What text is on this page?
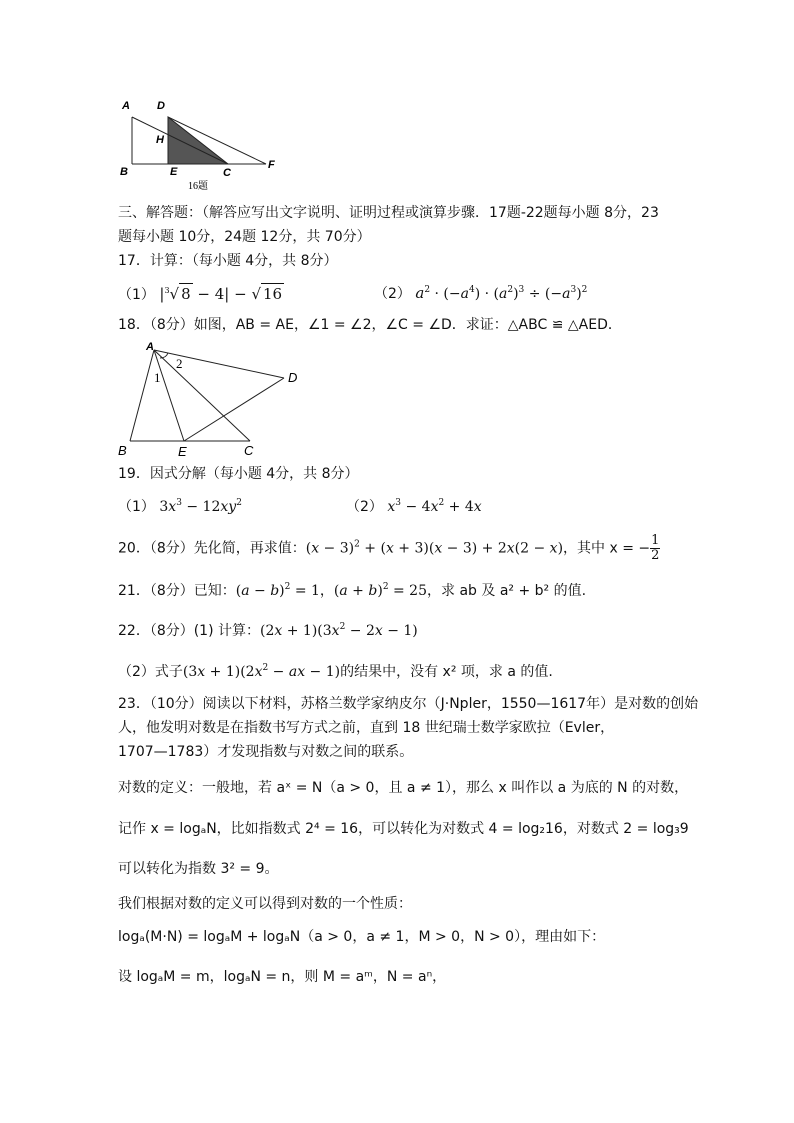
A D
H
B	E	C
F
16题
三、解答题：（解答应写出文字说明、证明过程或演算步骤．17题-22题每小题 8分，23
题每小题 10分，24题 12分，共 70分）
17．计算：（每小题 4分，共 8分）
（1） $|^3√$ 8 − 4| − √ 16	（2） $a^2 \cdot (-a^4) \cdot (a^2)^3 \div (-a^3)^2$
18．（8分）如图，AB = AE，∠1 = ∠2，∠C = ∠D．求证：△ABC ≌ △AED．
A
1
2
D
B	E	C
19．因式分解（每小题 4分，共 8分）
（1） $3x^3 - 12xy^2$	（2） $x^3 - 4x^2 + 4x$
20．（8分）先化简，再求值：$(x - 3)^2 + (x + 3)(x - 3) + 2x(2 - x)$，其中 x = − $\frac{1}{2}$
21．（8分）已知：$(a - b)^2 = 1$，$(a + b)^2 = 25$，求 ab 及 a² + b² 的值.
22．（8分）(1) 计算：$(2x + 1)(3x^2 - 2x - 1)$
（2）式子$(3x + 1)(2x^2$ − ax − 1)的结果中，没有 x² 项，求 a 的值.
23．（10分）阅读以下材料，苏格兰数学家纳皮尔（J·Npler，1550—1617年）是对数的创始
人，他发明对数是在指数书写方式之前，直到 18 世纪瑞士数学家欧拉（Evler，
1707—1783）才发现指数与对数之间的联系。
对数的定义：一般地，若 aˣ = N（a > 0，且 a ≠ 1），那么 x 叫作以 a 为底的 N 的对数，
记作 x = logₐN，比如指数式 2⁴ = 16，可以转化为对数式 4 = log₂16，对数式 2 = log₃9
可以转化为指数 3² = 9。
我们根据对数的定义可以得到对数的一个性质：
logₐ(M·N) = logₐM + logₐN（a > 0，a ≠ 1，M > 0，N > 0），理由如下：
设 logₐM = m，logₐN = n，则 M = aᵐ，N = aⁿ，
